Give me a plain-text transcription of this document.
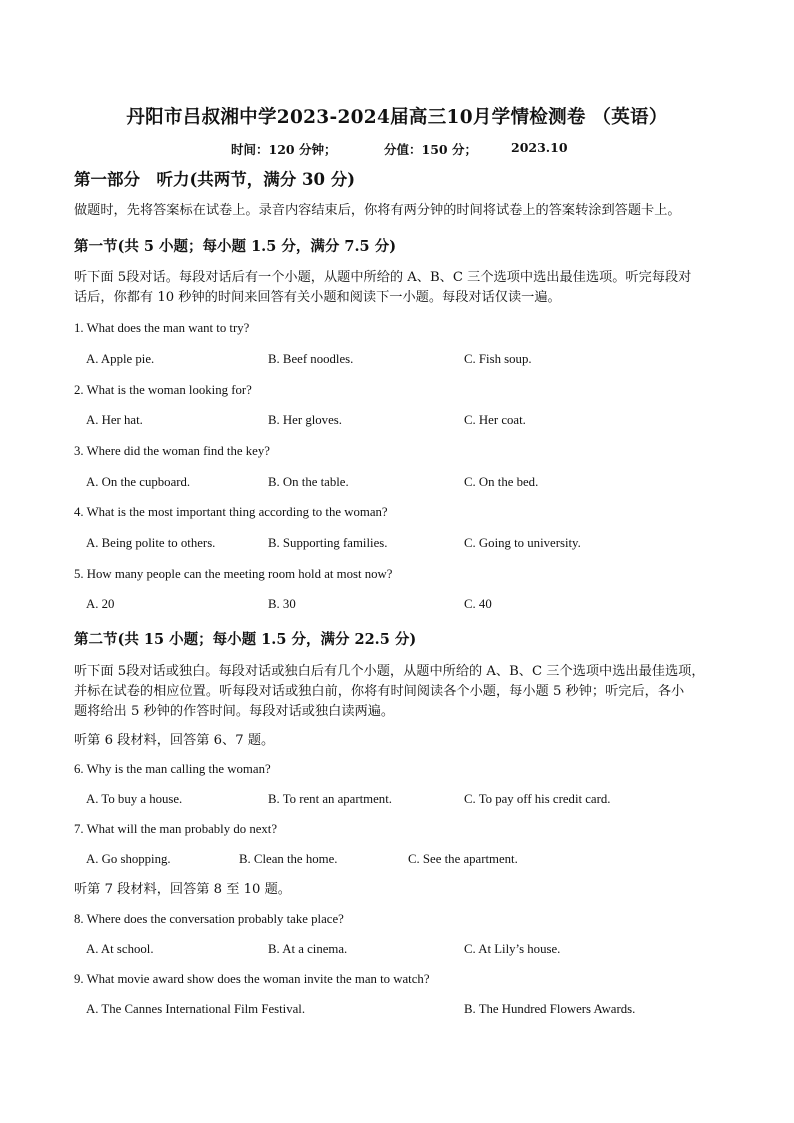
丹阳市吕叔湘中学2023-2024届高三10月学情检测卷 （英语）
时间：120 分钟；	分值：150 分；	2023.10
第一部分　听力(共两节，满分 30 分)
做题时，先将答案标在试卷上。录音内容结束后，你将有两分钟的时间将试卷上的答案转涂到答题卡上。
第一节(共 5 小题；每小题 1.5 分，满分 7.5 分)
听下面 5段对话。每段对话后有一个小题，从题中所给的 A、B、C 三个选项中选出最佳选项。听完每段对
话后，你都有 10 秒钟的时间来回答有关小题和阅读下一小题。每段对话仅读一遍。
1. What does the man want to try?
A. Apple pie.	B. Beef noodles.	C. Fish soup.
2. What is the woman looking for?
A. Her hat.	B. Her gloves.	C. Her coat.
3. Where did the woman find the key?
A. On the cupboard.	B. On the table.	C. On the bed.
4. What is the most important thing according to the woman?
A. Being polite to others.	B. Supporting families.	C. Going to university.
5. How many people can the meeting room hold at most now?
A. 20	B. 30	C. 40
第二节(共 15 小题；每小题 1.5 分，满分 22.5 分)
听下面 5段对话或独白。每段对话或独白后有几个小题，从题中所给的 A、B、C 三个选项中选出最佳选项，
并标在试卷的相应位置。听每段对话或独白前，你将有时间阅读各个小题，每小题 5 秒钟；听完后，各小
题将给出 5 秒钟的作答时间。每段对话或独白读两遍。
听第 6 段材料，回答第 6、7 题。
6. Why is the man calling the woman?
A. To buy a house.	B. To rent an apartment.	C. To pay off his credit card.
7. What will the man probably do next?
A. Go shopping.	B. Clean the home.	C. See the apartment.
听第 7 段材料，回答第 8 至 10 题。
8. Where does the conversation probably take place?
A. At school.	B. At a cinema.	C. At Lily’s house.
9. What movie award show does the woman invite the man to watch?
A. The Cannes International Film Festival.	B. The Hundred Flowers Awards.
